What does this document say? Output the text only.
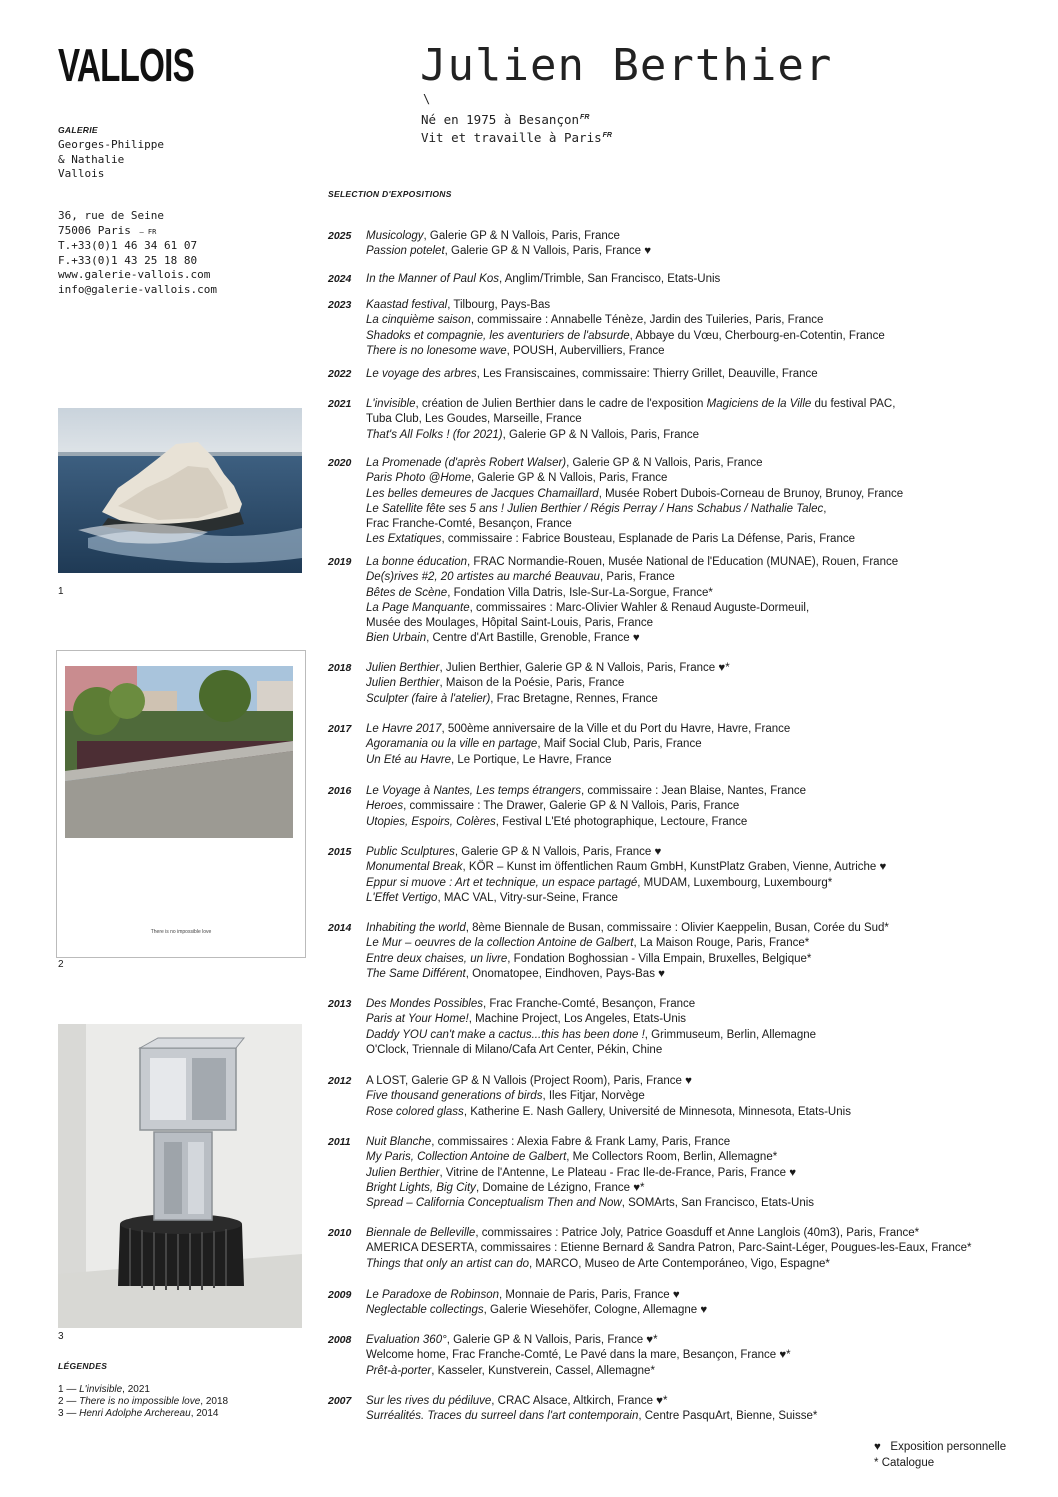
VALLOIS	Julien Berthier
\
Né en 1975 à Besançon$^{FR}$
Vit et travaille à Paris$^{FR}$
GALERIE
Georges-Philippe
& Nathalie
Vallois
36, rue de Seine
75006 Paris — FR
T.+33(0)1 46 34 61 07
F.+33(0)1 43 25 18 80
www.galerie-vallois.com
info@galerie-vallois.com
1
There is no impossible love
2
3
LÉGENDES
1 — L'invisible, 2021
2 — There is no impossible love, 2018
3 — Henri Adolphe Archereau, 2014
SELECTION D'EXPOSITIONS
2025 Musicology, Galerie GP & N Vallois, Paris, France
Passion potelet, Galerie GP & N Vallois, Paris, France ♥
2024 In the Manner of Paul Kos, Anglim/Trimble, San Francisco, Etats-Unis
2023 Kaastad festival, Tilbourg, Pays-Bas
La cinquième saison, commissaire : Annabelle Ténèze, Jardin des Tuileries, Paris, France
Shadoks et compagnie, les aventuriers de l'absurde, Abbaye du Vœu, Cherbourg-en-Cotentin, France
There is no lonesome wave, POUSH, Aubervilliers, France
2022 Le voyage des arbres, Les Fransiscaines, commissaire: Thierry Grillet, Deauville, France
2021 L'invisible, création de Julien Berthier dans le cadre de l'exposition Magiciens de la Ville du festival PAC,
Tuba Club, Les Goudes, Marseille, France
That's All Folks ! (for 2021), Galerie GP & N Vallois, Paris, France
2020 La Promenade (d'après Robert Walser), Galerie GP & N Vallois, Paris, France
Paris Photo @Home, Galerie GP & N Vallois, Paris, France
Les belles demeures de Jacques Chamaillard, Musée Robert Dubois-Corneau de Brunoy, Brunoy, France
Le Satellite fête ses 5 ans ! Julien Berthier / Régis Perray / Hans Schabus / Nathalie Talec,
Frac Franche-Comté, Besançon, France
Les Extatiques, commissaire : Fabrice Bousteau, Esplanade de Paris La Défense, Paris, France
2019 La bonne éducation, FRAC Normandie-Rouen, Musée National de l'Education (MUNAE), Rouen, France
De(s)rives #2, 20 artistes au marché Beauvau, Paris, France
Bêtes de Scène, Fondation Villa Datris, Isle-Sur-La-Sorgue, France*
La Page Manquante, commissaires : Marc-Olivier Wahler & Renaud Auguste-Dormeuil,
Musée des Moulages, Hôpital Saint-Louis, Paris, France
Bien Urbain, Centre d'Art Bastille, Grenoble, France ♥
2018 Julien Berthier, Julien Berthier, Galerie GP & N Vallois, Paris, France ♥*
Julien Berthier, Maison de la Poésie, Paris, France
Sculpter (faire à l'atelier), Frac Bretagne, Rennes, France
2017 Le Havre 2017, 500ème anniversaire de la Ville et du Port du Havre, Havre, France
Agoramania ou la ville en partage, Maif Social Club, Paris, France
Un Eté au Havre, Le Portique, Le Havre, France
2016 Le Voyage à Nantes, Les temps étrangers, commissaire : Jean Blaise, Nantes, France
Heroes, commissaire : The Drawer, Galerie GP & N Vallois, Paris, France
Utopies, Espoirs, Colères, Festival L'Eté photographique, Lectoure, France
2015 Public Sculptures, Galerie GP & N Vallois, Paris, France ♥
Monumental Break, KÖR – Kunst im öffentlichen Raum GmbH, KunstPlatz Graben, Vienne, Autriche ♥
Eppur si muove : Art et technique, un espace partagé, MUDAM, Luxembourg, Luxembourg*
L'Effet Vertigo, MAC VAL, Vitry-sur-Seine, France
2014 Inhabiting the world, 8ème Biennale de Busan, commissaire : Olivier Kaeppelin, Busan, Corée du Sud*
Le Mur – oeuvres de la collection Antoine de Galbert, La Maison Rouge, Paris, France*
Entre deux chaises, un livre, Fondation Boghossian - Villa Empain, Bruxelles, Belgique*
The Same Différent, Onomatopee, Eindhoven, Pays-Bas ♥
2013 Des Mondes Possibles, Frac Franche-Comté, Besançon, France
Paris at Your Home!, Machine Project, Los Angeles, Etats-Unis
Daddy YOU can't make a cactus...this has been done !, Grimmuseum, Berlin, Allemagne
O'Clock, Triennale di Milano/Cafa Art Center, Pékin, Chine
2012 A LOST, Galerie GP & N Vallois (Project Room), Paris, France ♥
Five thousand generations of birds, Iles Fitjar, Norvège
Rose colored glass, Katherine E. Nash Gallery, Université de Minnesota, Minnesota, Etats-Unis
2011 Nuit Blanche, commissaires : Alexia Fabre & Frank Lamy, Paris, France
My Paris, Collection Antoine de Galbert, Me Collectors Room, Berlin, Allemagne*
Julien Berthier, Vitrine de l'Antenne, Le Plateau - Frac Ile-de-France, Paris, France ♥
Bright Lights, Big City, Domaine de Lézigno, France ♥*
Spread – California Conceptualism Then and Now, SOMArts, San Francisco, Etats-Unis
2010 Biennale de Belleville, commissaires : Patrice Joly, Patrice Goasduff et Anne Langlois (40m3), Paris, France*
AMERICA DESERTA, commissaires : Etienne Bernard & Sandra Patron, Parc-Saint-Léger, Pougues-les-Eaux, France*
Things that only an artist can do, MARCO, Museo de Arte Contemporáneo, Vigo, Espagne*
2009 Le Paradoxe de Robinson, Monnaie de Paris, Paris, France ♥
Neglectable collectings, Galerie Wiesehöfer, Cologne, Allemagne ♥
2008 Evaluation 360°, Galerie GP & N Vallois, Paris, France ♥*
Welcome home, Frac Franche-Comté, Le Pavé dans la mare, Besançon, France ♥*
Prêt-à-porter, Kasseler, Kunstverein, Cassel, Allemagne*
2007 Sur les rives du pédiluve, CRAC Alsace, Altkirch, France ♥*
Surréalités. Traces du surreel dans l'art contemporain, Centre PasquArt, Bienne, Suisse*
♥ Exposition personnelle
* Catalogue
